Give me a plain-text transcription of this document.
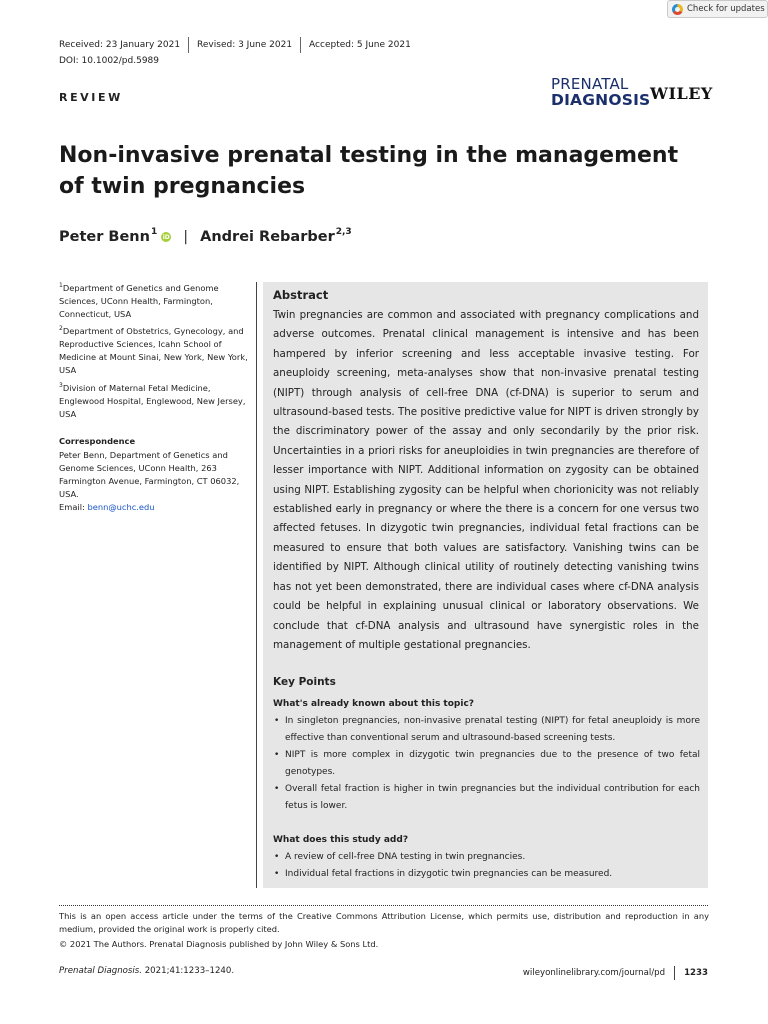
Check for updates
Received: 23 January 2021 Revised: 3 June 2021 Accepted: 5 June 2021
DOI: 10.1002/pd.5989
REVIEW
PRENATAL
DIAGNOSIS WILEY
Non-invasive prenatal testing in the management of twin pregnancies
Peter Benn$^1$ iD | Andrei Rebarber$^{2,3}$
$^1$Department of Genetics and Genome Sciences, UConn Health, Farmington, Connecticut, USA
$^2$Department of Obstetrics, Gynecology, and Reproductive Sciences, Icahn School of Medicine at Mount Sinai, New York, New York, USA
$^3$Division of Maternal Fetal Medicine, Englewood Hospital, Englewood, New Jersey, USA
Correspondence
Peter Benn, Department of Genetics and Genome Sciences, UConn Health, 263 Farmington Avenue, Farmington, CT 06032, USA.
Email: benn@uchc.edu
Abstract
Twin pregnancies are common and associated with pregnancy complications and adverse outcomes. Prenatal clinical management is intensive and has been hampered by inferior screening and less acceptable invasive testing. For aneuploidy screening, meta-analyses show that non-invasive prenatal testing (NIPT) through analysis of cell-free DNA (cf-DNA) is superior to serum and ultrasound-based tests. The positive predictive value for NIPT is driven strongly by the discriminatory power of the assay and only secondarily by the prior risk. Uncertainties in a priori risks for aneuploidies in twin pregnancies are therefore of lesser importance with NIPT. Additional information on zygosity can be obtained using NIPT. Establishing zygosity can be helpful when chorionicity was not reliably established early in pregnancy or where the there is a concern for one versus two affected fetuses. In dizygotic twin pregnancies, individual fetal fractions can be measured to ensure that both values are satisfactory. Vanishing twins can be identified by NIPT. Although clinical utility of routinely detecting vanishing twins has not yet been demonstrated, there are individual cases where cf-DNA analysis could be helpful in explaining unusual clinical or laboratory observations. We conclude that cf-DNA analysis and ultrasound have synergistic roles in the management of multiple gestational pregnancies.
Key Points
What's already known about this topic?
• In singleton pregnancies, non-invasive prenatal testing (NIPT) for fetal aneuploidy is more effective than conventional serum and ultrasound-based screening tests.
• NIPT is more complex in dizygotic twin pregnancies due to the presence of two fetal genotypes.
• Overall fetal fraction is higher in twin pregnancies but the individual contribution for each fetus is lower.
What does this study add?
• A review of cell-free DNA testing in twin pregnancies.
• Individual fetal fractions in dizygotic twin pregnancies can be measured.
This is an open access article under the terms of the Creative Commons Attribution License, which permits use, distribution and reproduction in any medium, provided the original work is properly cited.
© 2021 The Authors. Prenatal Diagnosis published by John Wiley & Sons Ltd.
Prenatal Diagnosis. 2021;41:1233–1240.	wileyonlinelibrary.com/journal/pd 1233
